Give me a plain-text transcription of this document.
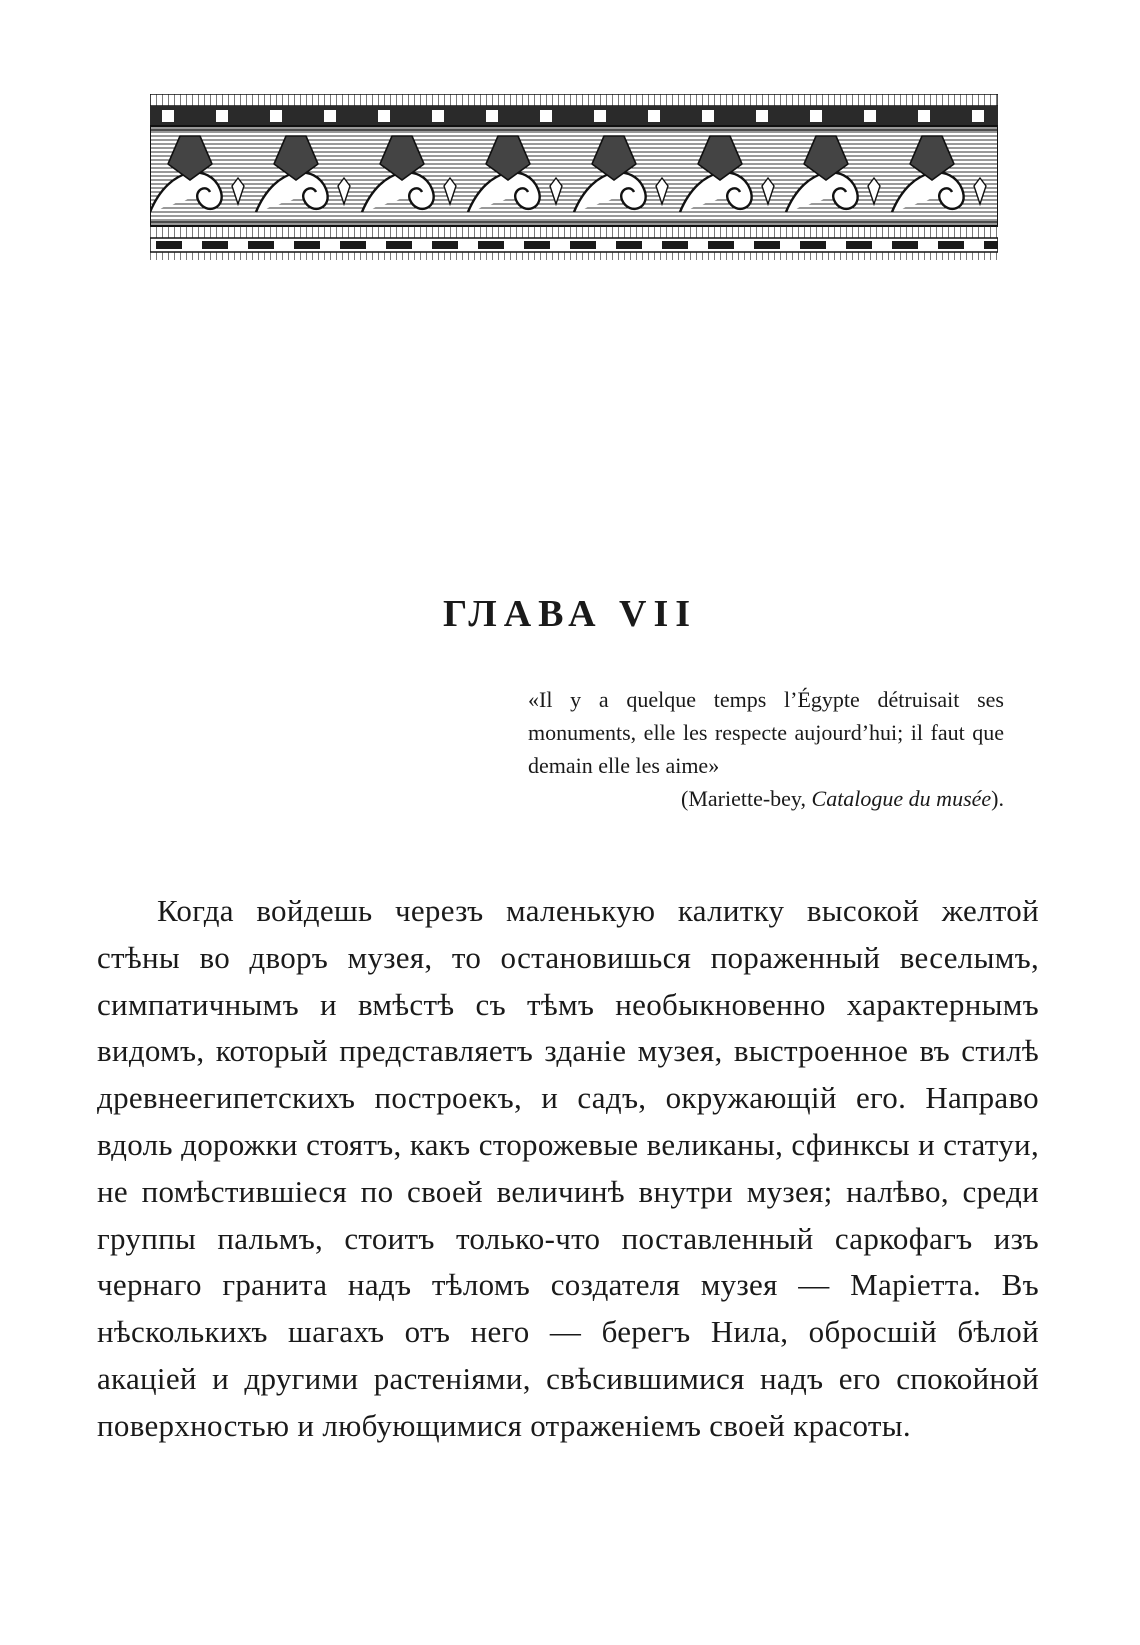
ГЛАВА VII

«Il y a quelque temps l’Égypte détruisait ses monuments, elle les respecte aujourd’hui; il faut que demain elle les aime»

(Mariette-bey, Catalogue du musée).

Когда войдешь черезъ маленькую калитку высокой желтой стѣны во дворъ музея, то остановишься пораженный веселымъ, симпатичнымъ и вмѣстѣ съ тѣмъ необыкновенно характернымъ видомъ, который представляетъ зданіе музея, выстроенное въ стилѣ древнеегипетскихъ построекъ, и садъ, окружающій его. Направо вдоль дорожки стоятъ, какъ сторожевые великаны, сфинксы и статуи, не помѣстившіеся по своей величинѣ внутри музея; налѣво, среди группы пальмъ, стоитъ только-что поставленный саркофагъ изъ чернаго гранита надъ тѣломъ создателя музея — Маріетта. Въ нѣсколькихъ шагахъ отъ него — берегъ Нила, обросшій бѣлой акаціей и другими растеніями, свѣсившимися надъ его спокойной поверхностью и любующимися отраженіемъ своей красоты.
